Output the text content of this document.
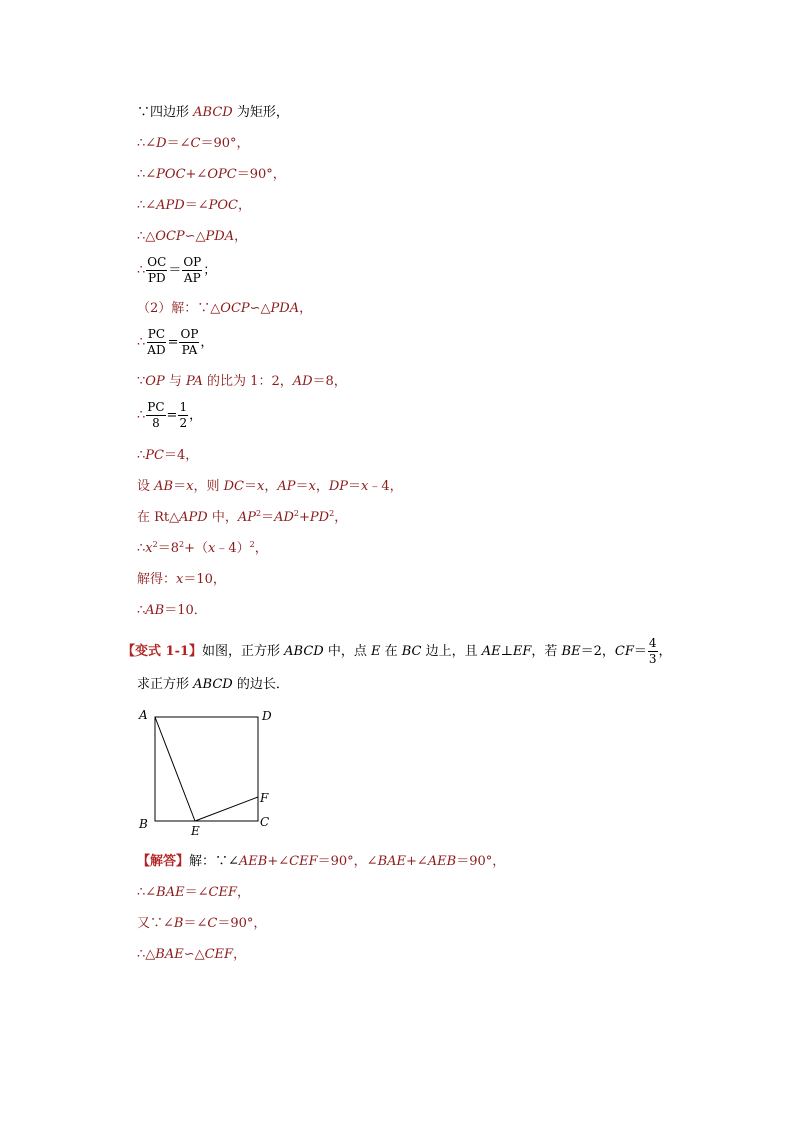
∵四边形 ABCD 为矩形，
∴∠D＝∠C＝90°，
∴∠POC+∠OPC＝90°，
∴∠APD＝∠POC，
∴△OCP∽△PDA，
∴ $\frac{OC}{PD} = \frac{OP}{AP}$ ；
（2）解：∵△OCP∽△PDA，
∴ $\frac{PC}{AD} = \frac{OP}{PA}$ ，
∵OP 与 PA 的比为 1：2，AD＝8，
∴ $\frac{PC}{8} = \frac{1}{2}$ ，
∴PC＝4，
设 AB＝x，则 DC＝x，AP＝x，DP＝x﹣4，
在 Rt△APD 中，$AP^2=AD^2+PD^2$，
$\therefore x^2=8^2+(x﹣4)^2$，
解得：x＝10，
∴AB＝10．
【变式 1-1】如图，正方形 ABCD 中，点 E 在 BC 边上，且 AE⊥EF，若 BE＝2，$CF= \frac{4}{3}$ ，
求正方形 ABCD 的边长．
A	D
B	C
E
F
【解答】解：∵∠AEB+∠CEF＝90°，∠BAE+∠AEB＝90°，
∴∠BAE＝∠CEF，
又∵∠B＝∠C＝90°，
∴△BAE∽△CEF，
